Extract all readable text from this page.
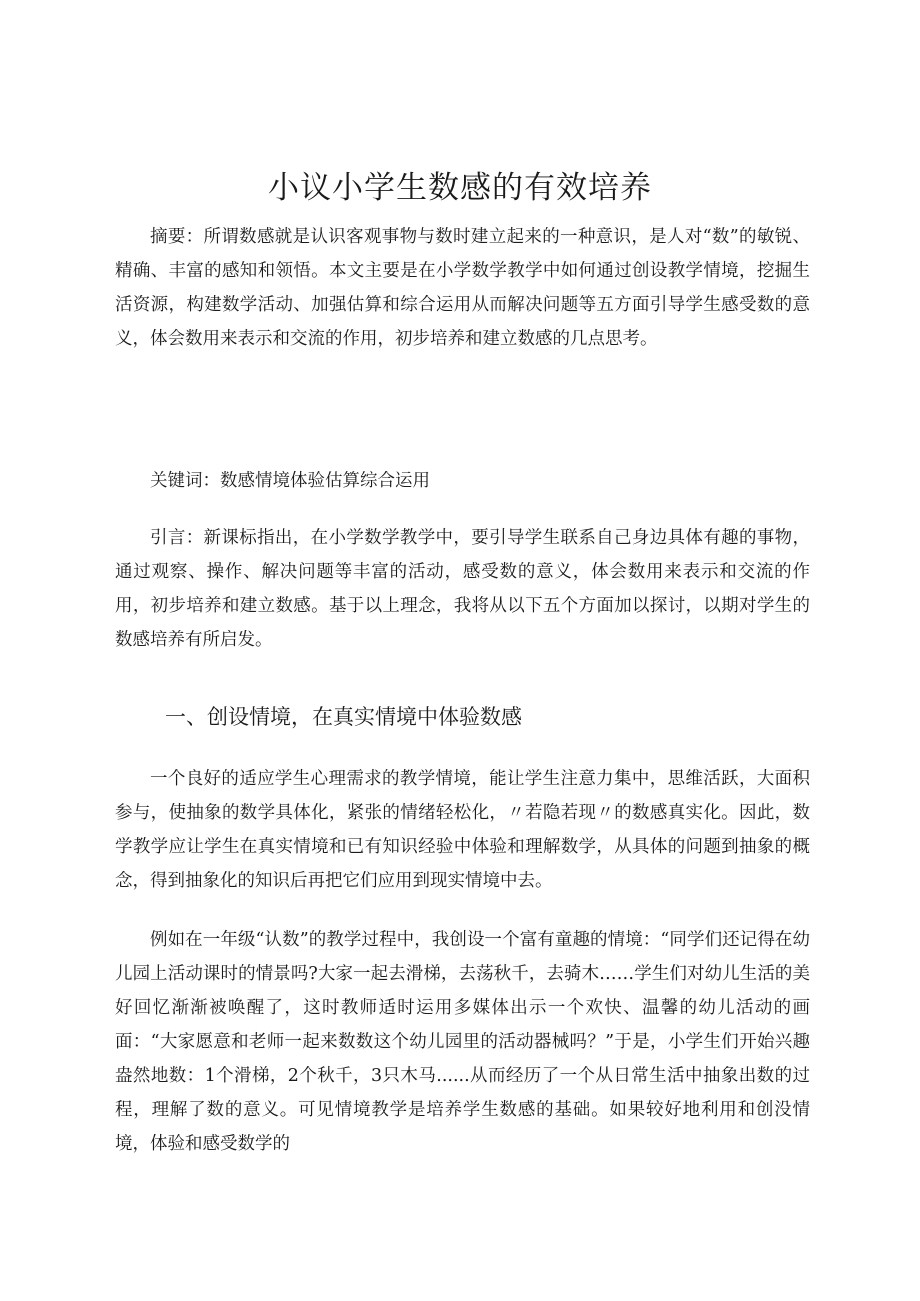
小议小学生数感的有效培养

摘要：所谓数感就是认识客观事物与数时建立起来的一种意识，是人对“数”的敏锐、精确、丰富的感知和领悟。本文主要是在小学数学教学中如何通过创设教学情境，挖掘生活资源，构建数学活动、加强估算和综合运用从而解决问题等五方面引导学生感受数的意义，体会数用来表示和交流的作用，初步培养和建立数感的几点思考。

关键词：数感情境体验估算综合运用

引言：新课标指出，在小学数学教学中，要引导学生联系自己身边具体有趣的事物，通过观察、操作、解决问题等丰富的活动，感受数的意义，体会数用来表示和交流的作用，初步培养和建立数感。基于以上理念，我将从以下五个方面加以探讨，以期对学生的数感培养有所启发。

一、创设情境，在真实情境中体验数感

一个良好的适应学生心理需求的教学情境，能让学生注意力集中，思维活跃，大面积参与，使抽象的数学具体化，紧张的情绪轻松化，〃若隐若现〃的数感真实化。因此，数学教学应让学生在真实情境和已有知识经验中体验和理解数学，从具体的问题到抽象的概念，得到抽象化的知识后再把它们应用到现实情境中去。

例如在一年级“认数”的教学过程中，我创设一个富有童趣的情境：“同学们还记得在幼儿园上活动课时的情景吗?大家一起去滑梯，去荡秋千，去骑木……学生们对幼儿生活的美好回忆渐渐被唤醒了，这时教师适时运用多媒体出示一个欢快、温馨的幼儿活动的画面：“大家愿意和老师一起来数数这个幼儿园里的活动器械吗？”于是，小学生们开始兴趣盎然地数：1个滑梯，2个秋千，3只木马......从而经历了一个从日常生活中抽象出数的过程，理解了数的意义。可见情境教学是培养学生数感的基础。如果较好地利用和创没情境，体验和感受数学的
